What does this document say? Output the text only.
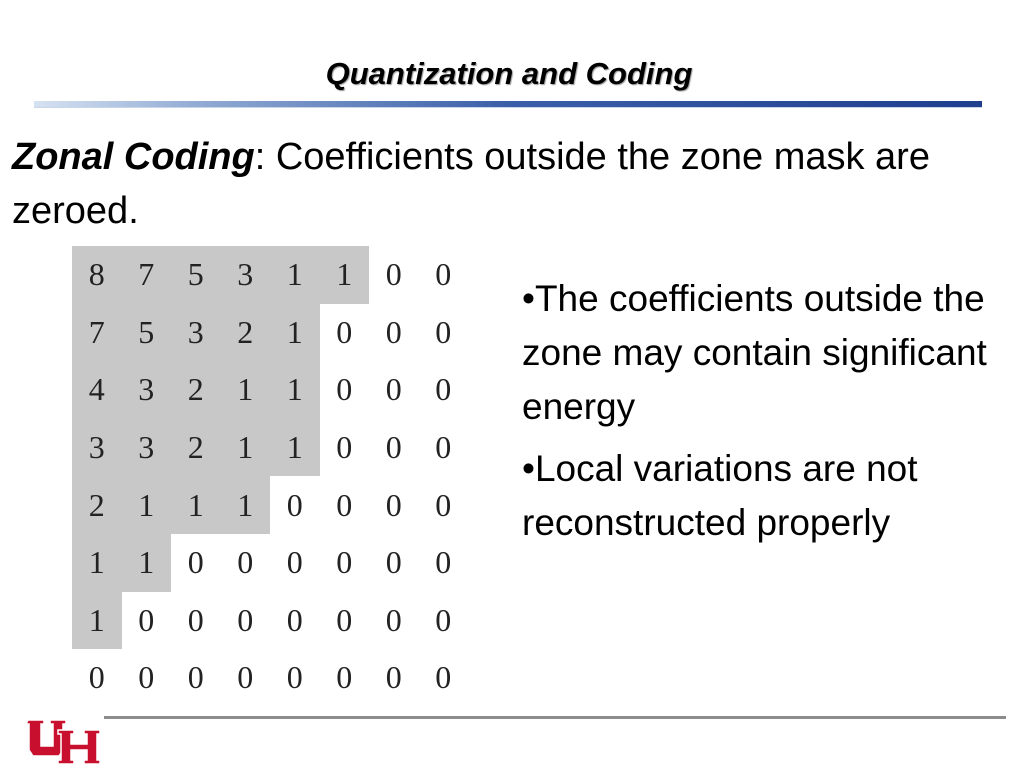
Quantization and Coding
Zonal Coding: Coefficients outside the zone mask are zeroed.
8	7	5	3	1	1	0	0
7	5	3	2	1	0	0	0
4	3	2	1	1	0	0	0
3	3	2	1	1	0	0	0
2	1	1	1	0	0	0	0
1	1	0	0	0	0	0	0
1	0	0	0	0	0	0	0
0	0	0	0	0	0	0	0
•The coefficients outside the zone may contain significant energy
•Local variations are not reconstructed properly
